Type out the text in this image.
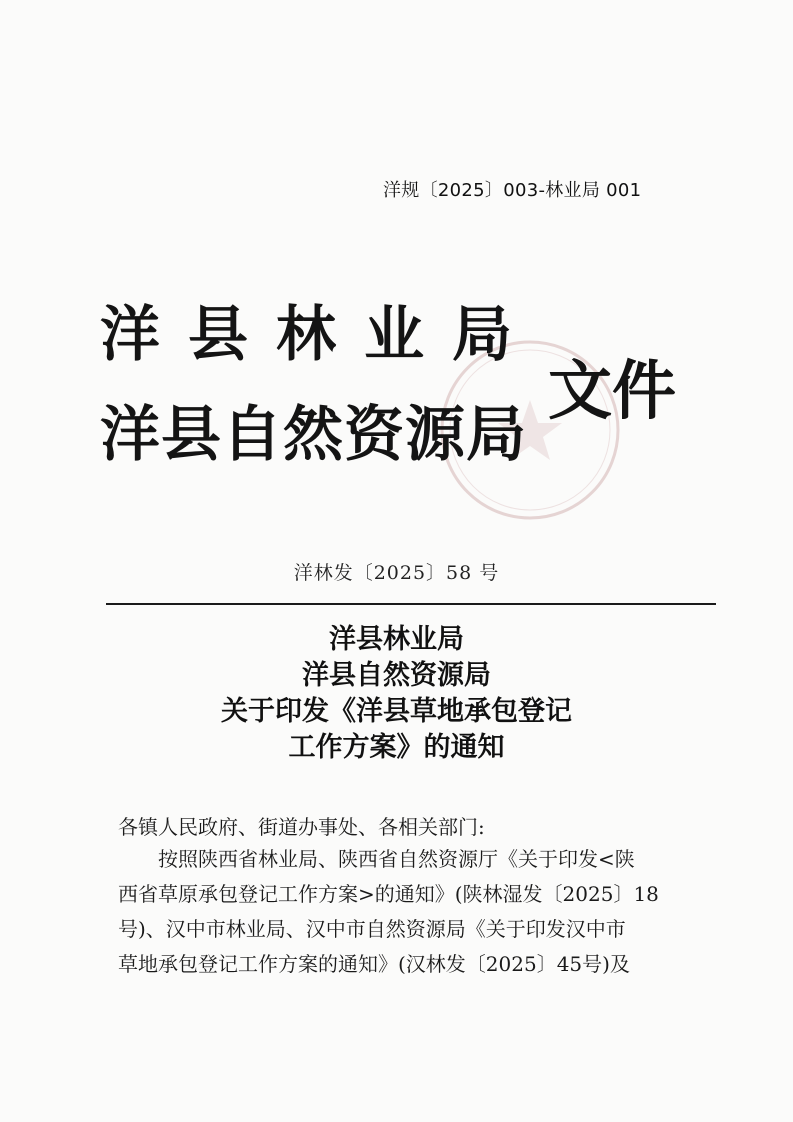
洋规〔2025〕003-林业局 001
洋县林业局
洋县自然资源局
文件
洋林发〔2025〕58 号
洋县林业局
洋县自然资源局
关于印发《洋县草地承包登记
工作方案》的通知
各镇人民政府、街道办事处、各相关部门:
按照陕西省林业局、陕西省自然资源厅《关于印发<陕
西省草原承包登记工作方案>的通知》(陕林湿发〔2025〕18
号)、汉中市林业局、汉中市自然资源局《关于印发汉中市
草地承包登记工作方案的通知》(汉林发〔2025〕45号)及
